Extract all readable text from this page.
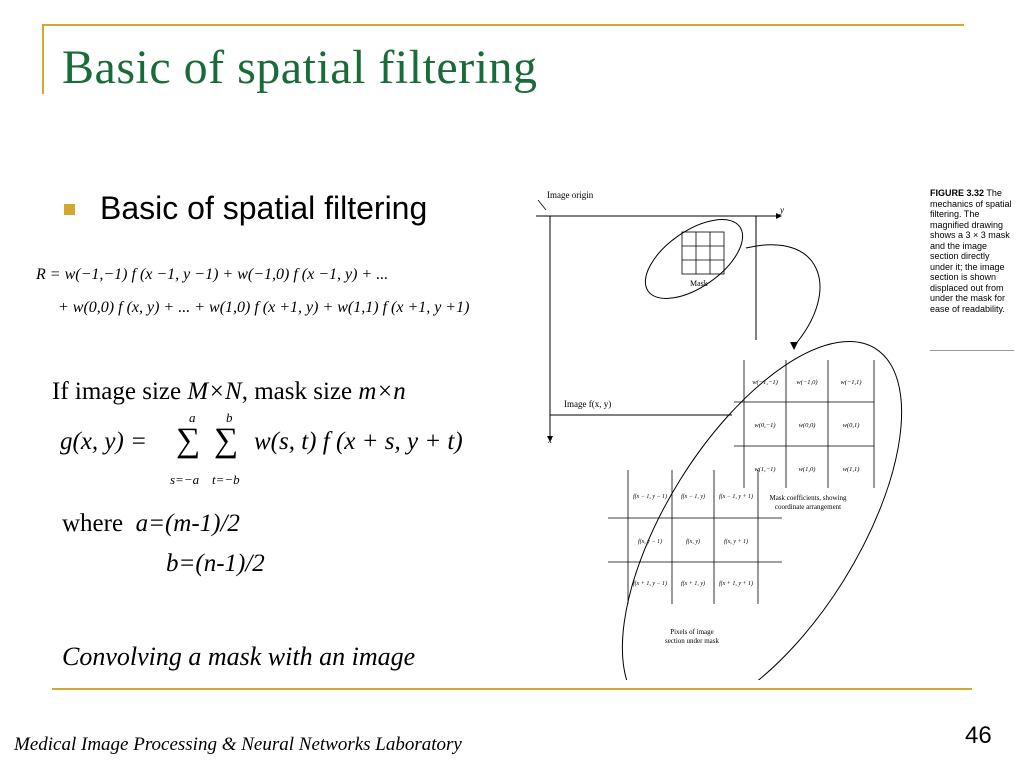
Basic of spatial filtering
Basic of spatial filtering
R = w(−1,−1) f (x −1, y −1) + w(−1,0) f (x −1, y) + ...
+ w(0,0) f (x, y) + ... + w(1,0) f (x +1, y) + w(1,1) f (x +1, y +1)
If image size M×N, mask size m×n
g(x, y) =
a
∑
s=−a
b
∑
t=−b
w(s, t) f (x + s, y + t)
where a=(m-1)/2
b=(n-1)/2
Convolving a mask with an image
Medical Image Processing & Neural Networks Laboratory	46
FIGURE 3.32 The mechanics of spatial filtering. The magnified drawing shows a 3 × 3 mask and the image section directly under it; the image section is shown displaced out from under the mask for ease of readability.
y
x
Image origin
Image f(x, y)
Mask
w(−1,−1)	w(−1,0)	w(−1,1)
w(0,−1)	w(0,0)	w(0,1)
w(1,−1)	w(1,0)	w(1,1)
Mask coefficients, showing
coordinate arrangement
f(x − 1, y − 1) f(x − 1, y) f(x − 1, y + 1)
f(x, y − 1)	f(x, y)	f(x, y + 1)
f(x + 1, y − 1) f(x + 1, y) f(x + 1, y + 1)
Pixels of image
section under mask
